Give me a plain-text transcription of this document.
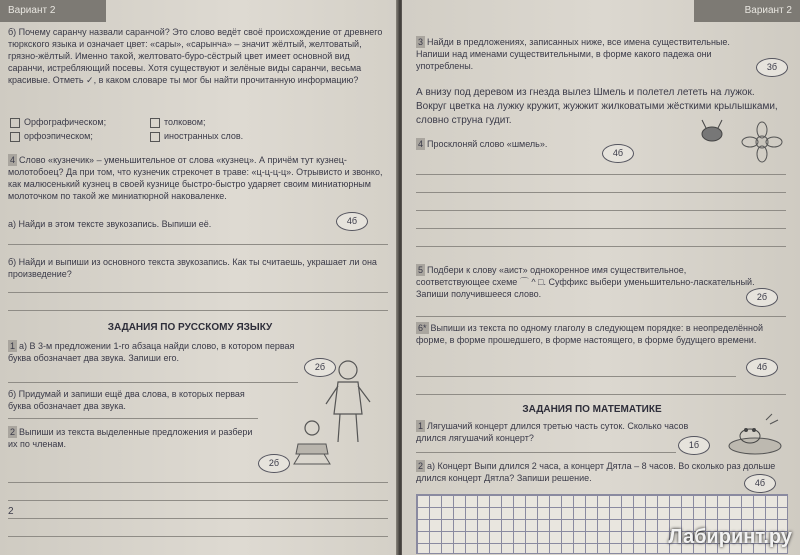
Вариант 2
б) Почему саранчу назвали саранчой? Это слово ведёт своё происхождение от древнего тюркского языка и означает цвет: «сары», «сарынча» – значит жёлтый, желтоватый, грязно-жёлтый. Именно такой, желтовато-буро-сёстрый цвет имеет основной вид саранчи, истребляющий посевы. Хотя существуют и зелёные виды саранчи, весьма красивые. Отметь ✓, в каком словаре ты мог бы найти прочитанную информацию?
Орфографическом;	толковом;
орфоэпическом;	иностранных слов.
4 Слово «кузнечик» – уменьшительное от слова «кузнец». А причём тут кузнец-молотобоец? Да при том, что кузнечик стрекочет в траве: «ц-ц-ц-ц». Отрывисто и звонко, как малюсенький кузнец в своей кузнице быстро-быстро ударяет своим миниатюрным молоточком по такой же миниатюрной наковаленке.
а) Найди в этом тексте звукозапись. Выпиши её.	4б
б) Найди и выпиши из основного текста звукозапись. Как ты считаешь, украшает ли она произведение?
ЗАДАНИЯ ПО РУССКОМУ ЯЗЫКУ
1 а) В 3-м предложении 1-го абзаца найди слово, в котором первая буква обозначает два звука. Запиши его.
2б
б) Придумай и запиши ещё два слова, в которых первая буква обозначает два звука.
2 Выпиши из текста выделенные предложения и разбери их по членам.
2б
2
Вариант 2
3 Найди в предложениях, записанных ниже, все имена существительные. Напиши над именами существительными, в форме какого падежа они употреблены.	3б
А внизу под деревом из гнезда вылез Шмель и полетел лететь на лужок. Вокруг цветка на лужку кружит, жужжит жилковатыми жёсткими крылышками, словно струна гудит.
4 Просклоняй слово «шмель».
4б
5 Подбери к слову «аист» однокоренное имя существительное, соответствующее схеме ⌒ ^ □. Суффикс выбери уменьшительно-ласкательный. Запиши получившееся слово.	2б
6* Выпиши из текста по одному глаголу в следующем порядке: в неопределённой форме, в форме прошедшего, в форме настоящего, в форме будущего времени.
4б
ЗАДАНИЯ ПО МАТЕМАТИКЕ
1 Лягушачий концерт длился третью часть суток. Сколько часов длился лягушачий концерт?
1б
2 а) Концерт Выпи длился 2 часа, а концерт Дятла – 8 часов. Во сколько раз дольше длился концерт Дятла? Запиши решение.	4б
Лабиринт.ру
